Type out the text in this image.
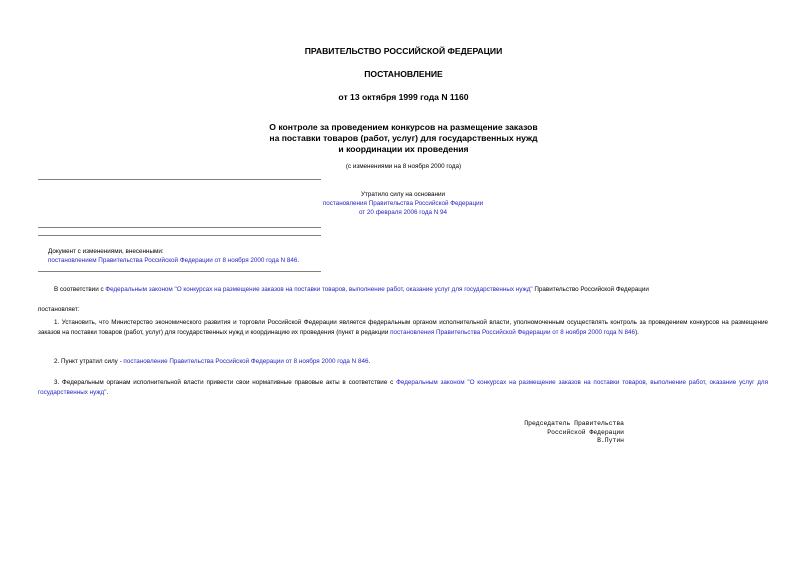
ПРАВИТЕЛЬСТВО РОССИЙСКОЙ ФЕДЕРАЦИИ
ПОСТАНОВЛЕНИЕ
от 13 октября 1999 года N 1160
О контроле за проведением конкурсов на размещение заказов
на поставки товаров (работ, услуг) для государственных нужд
и координации их проведения
(с изменениями на 8 ноября 2000 года)
Утратило силу на основании
постановления Правительства Российской Федерации
от 20 февраля 2006 года N 94
Документ с изменениями, внесенными:
постановлением Правительства Российской Федерации от 8 ноября 2000 года N 846.
В соответствии с Федеральным законом "О конкурсах на размещение заказов на поставки товаров, выполнение работ, оказание услуг для государственных нужд" Правительство Российской Федерации
постановляет:
1. Установить, что Министерство экономического развития и торговли Российской Федерации является федеральным органом исполнительной власти, уполномоченным осуществлять контроль за проведением конкурсов на размещение заказов на поставки товаров (работ, услуг) для государственных нужд и координацию их проведения (пункт в редакции постановления Правительства Российской Федерации от 8 ноября 2000 года N 846).
2. Пункт утратил силу - постановление Правительства Российской Федерации от 8 ноября 2000 года N 846.
3. Федеральным органам исполнительной власти привести свои нормативные правовые акты в соответствие с Федеральным законом "О конкурсах на размещение заказов на поставки товаров, выполнение работ, оказание услуг для государственных нужд".
Председатель Правительства
Российской Федерации
В.Путин
